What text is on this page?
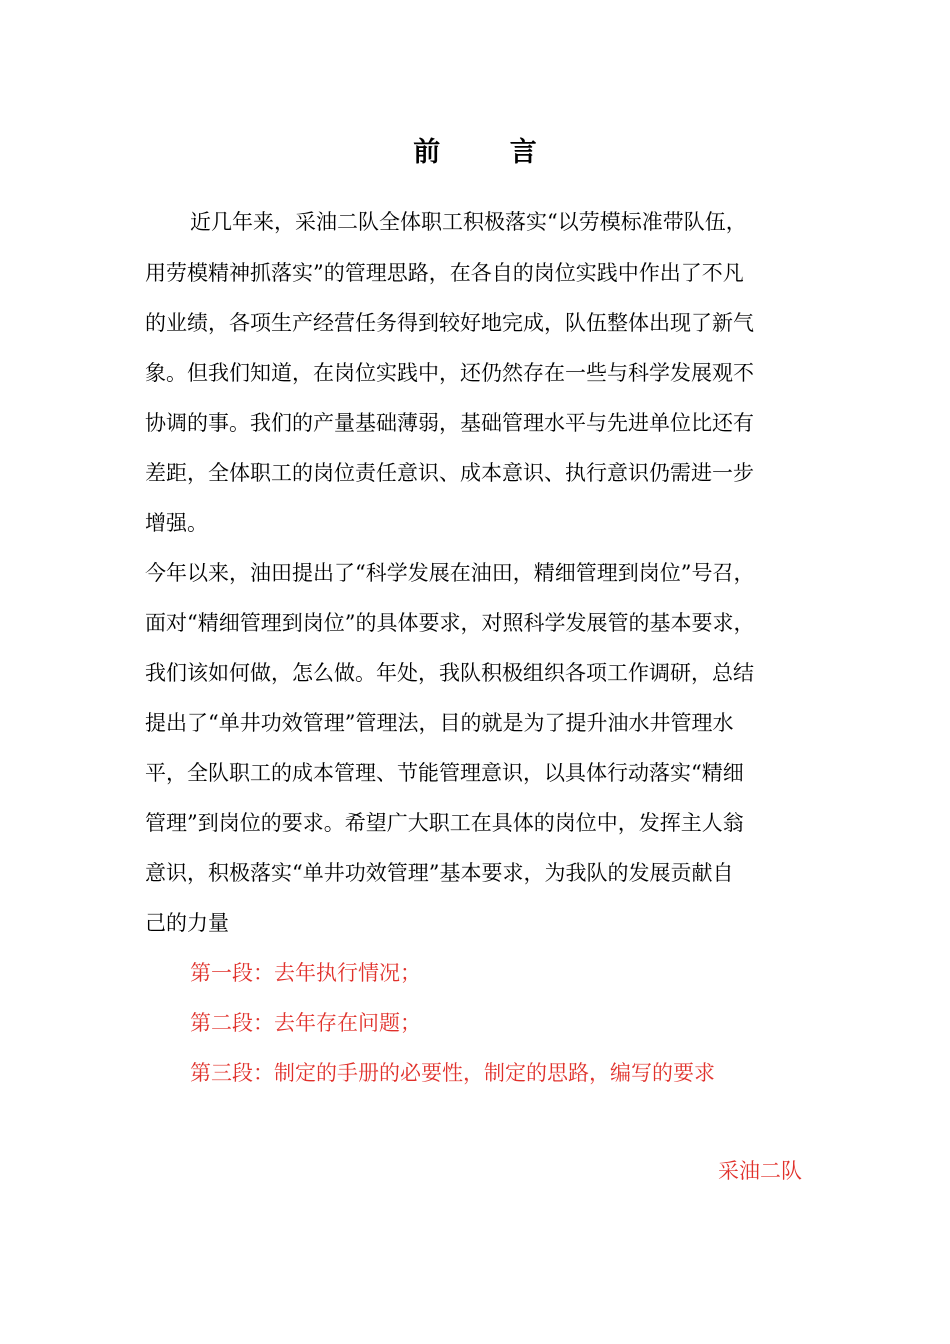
前 言
近几年来，采油二队全体职工积极落实“以劳模标准带队伍，
用劳模精神抓落实”的管理思路，在各自的岗位实践中作出了不凡
的业绩，各项生产经营任务得到较好地完成，队伍整体出现了新气
象。但我们知道，在岗位实践中，还仍然存在一些与科学发展观不
协调的事。我们的产量基础薄弱，基础管理水平与先进单位比还有
差距，全体职工的岗位责任意识、成本意识、执行意识仍需进一步
增强。
今年以来，油田提出了“科学发展在油田，精细管理到岗位”号召，
面对“精细管理到岗位”的具体要求，对照科学发展管的基本要求，
我们该如何做，怎么做。年处，我队积极组织各项工作调研，总结
提出了“单井功效管理”管理法，目的就是为了提升油水井管理水
平，全队职工的成本管理、节能管理意识，以具体行动落实“精细
管理”到岗位的要求。希望广大职工在具体的岗位中，发挥主人翁
意识，积极落实“单井功效管理”基本要求，为我队的发展贡献自
己的力量
第一段：去年执行情况；
第二段：去年存在问题；
第三段：制定的手册的必要性，制定的思路，编写的要求
采油二队
